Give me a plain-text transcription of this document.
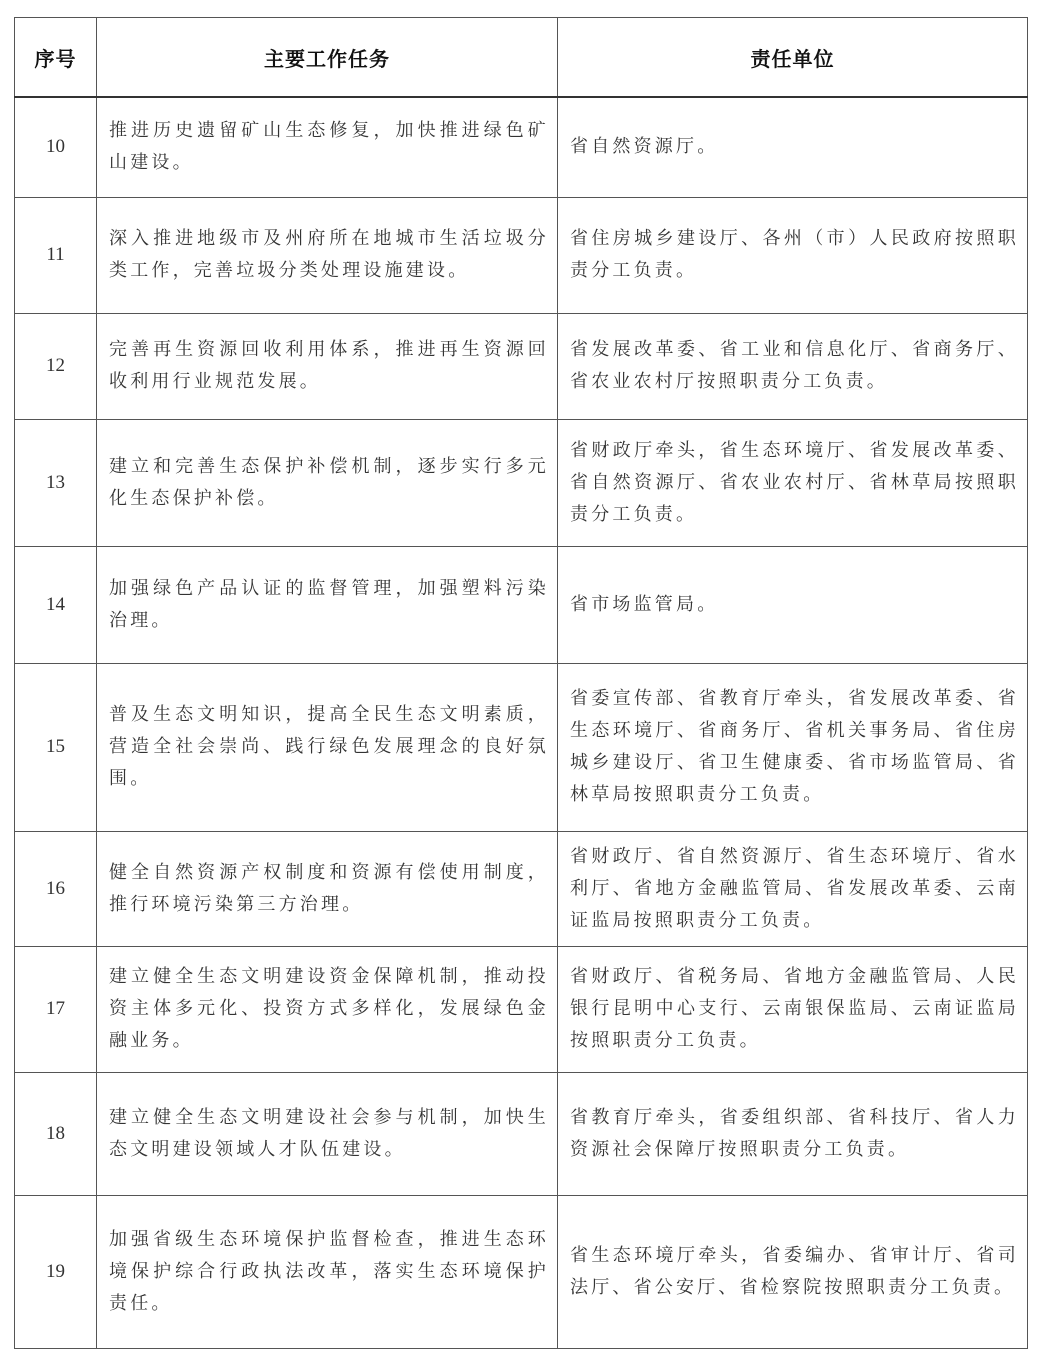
序号	主要工作任务	责任单位
10	推进历史遗留矿山生态修复，加快推进绿色矿山建设。	省自然资源厅。
11	深入推进地级市及州府所在地城市生活垃圾分类工作，完善垃圾分类处理设施建设。	省住房城乡建设厅、各州（市）人民政府按照职责分工负责。
12	完善再生资源回收利用体系，推进再生资源回收利用行业规范发展。	省发展改革委、省工业和信息化厅、省商务厅、省农业农村厅按照职责分工负责。
13	建立和完善生态保护补偿机制，逐步实行多元化生态保护补偿。	省财政厅牵头，省生态环境厅、省发展改革委、省自然资源厅、省农业农村厅、省林草局按照职责分工负责。
14	加强绿色产品认证的监督管理，加强塑料污染治理。	省市场监管局。
15	普及生态文明知识，提高全民生态文明素质，营造全社会崇尚、践行绿色发展理念的良好氛围。	省委宣传部、省教育厅牵头，省发展改革委、省生态环境厅、省商务厅、省机关事务局、省住房城乡建设厅、省卫生健康委、省市场监管局、省林草局按照职责分工负责。
16	健全自然资源产权制度和资源有偿使用制度，推行环境污染第三方治理。	省财政厅、省自然资源厅、省生态环境厅、省水利厅、省地方金融监管局、省发展改革委、云南证监局按照职责分工负责。
17	建立健全生态文明建设资金保障机制，推动投资主体多元化、投资方式多样化，发展绿色金融业务。	省财政厅、省税务局、省地方金融监管局、人民银行昆明中心支行、云南银保监局、云南证监局按照职责分工负责。
18	建立健全生态文明建设社会参与机制，加快生态文明建设领域人才队伍建设。	省教育厅牵头，省委组织部、省科技厅、省人力资源社会保障厅按照职责分工负责。
19	加强省级生态环境保护监督检查，推进生态环境保护综合行政执法改革，落实生态环境保护责任。	省生态环境厅牵头，省委编办、省审计厅、省司法厅、省公安厅、省检察院按照职责分工负责。
